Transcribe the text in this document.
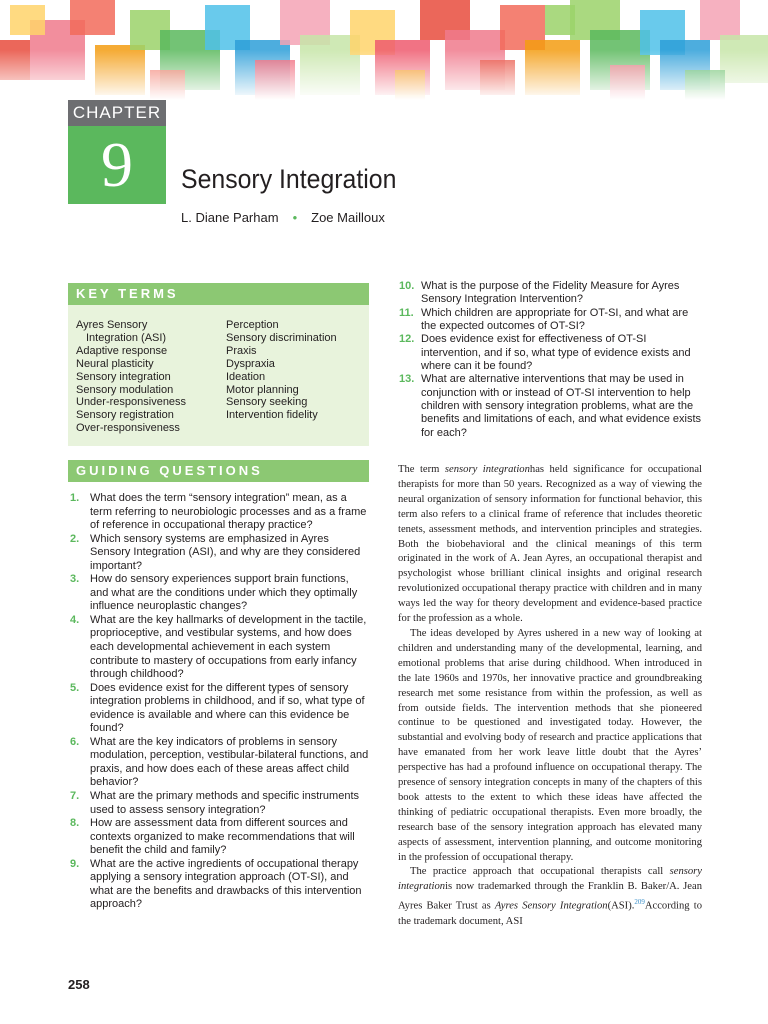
CHAPTER
9	Sensory Integration
L. Diane Parham • Zoe Mailloux
KEY TERMS
Ayres Sensory
Integration (ASI)
Adaptive response
Neural plasticity
Sensory integration
Sensory modulation
Under-responsiveness
Sensory registration
Over-responsiveness
Perception
Sensory discrimination
Praxis
Dyspraxia
Ideation
Motor planning
Sensory seeking
Intervention fidelity
GUIDING QUESTIONS
1. What does the term “sensory integration” mean, as a term referring to neurobiologic processes and as a frame of reference in occupational therapy practice?
2. Which sensory systems are emphasized in Ayres Sensory Integration (ASI), and why are they considered important?
3. How do sensory experiences support brain functions, and what are the conditions under which they optimally influence neuroplastic changes?
4. What are the key hallmarks of development in the tactile, proprioceptive, and vestibular systems, and how does each developmental achievement in each system contribute to mastery of occupations from early infancy through childhood?
5. Does evidence exist for the different types of sensory integration problems in childhood, and if so, what type of evidence is available and where can this evidence be found?
6. What are the key indicators of problems in sensory modulation, perception, vestibular-bilateral functions, and praxis, and how does each of these areas affect child behavior?
7. What are the primary methods and specific instruments used to assess sensory integration?
8. How are assessment data from different sources and contexts organized to make recommendations that will benefit the child and family?
9. What are the active ingredients of occupational therapy applying a sensory integration approach (OT-SI), and what are the benefits and drawbacks of this intervention approach?
10. What is the purpose of the Fidelity Measure for Ayres Sensory Integration Intervention?
11. Which children are appropriate for OT-SI, and what are the expected outcomes of OT-SI?
12. Does evidence exist for effectiveness of OT-SI intervention, and if so, what type of evidence exists and where can it be found?
13. What are alternative interventions that may be used in conjunction with or instead of OT-SI intervention to help children with sensory integration problems, what are the benefits and limitations of each, and what evidence exists for each?

The term sensory integrationhas held significance for occupational therapists for more than 50 years. Recognized as a way of viewing the neural organization of sensory information for functional behavior, this term also refers to a clinical frame of reference that includes theoretic tenets, assessment methods, and intervention principles and strategies. Both the biobehavioral and the clinical meanings of this term originated in the work of A. Jean Ayres, an occupational therapist and psychologist whose brilliant clinical insights and original research revolutionized occupational therapy practice with children and in many ways led the way for theory development and evidence-based practice for the profession as a whole.

The ideas developed by Ayres ushered in a new way of looking at children and understanding many of the developmental, learning, and emotional problems that arise during childhood. When introduced in the late 1960s and 1970s, her innovative practice and groundbreaking research met some resistance from within the profession, as well as from outside fields. The intervention methods that she pioneered continue to be questioned and investigated today. However, the substantial and evolving body of research and practice applications that have emanated from her work leave little doubt that the Ayres’ perspective has had a profound influence on occupational therapy. The presence of sensory integration concepts in many of the chapters of this book attests to the extent to which these ideas have affected the thinking of pediatric occupational therapists. Even more broadly, the research base of the sensory integration approach has elevated many aspects of assessment, intervention planning, and outcome monitoring in the profession of occupational therapy.

The practice approach that occupational therapists call sensory integrationis now trademarked through the Franklin B. Baker/A. Jean Ayres Baker Trust as Ayres Sensory Integration(ASI).$^{209}$According to the trademark document, ASI

258
